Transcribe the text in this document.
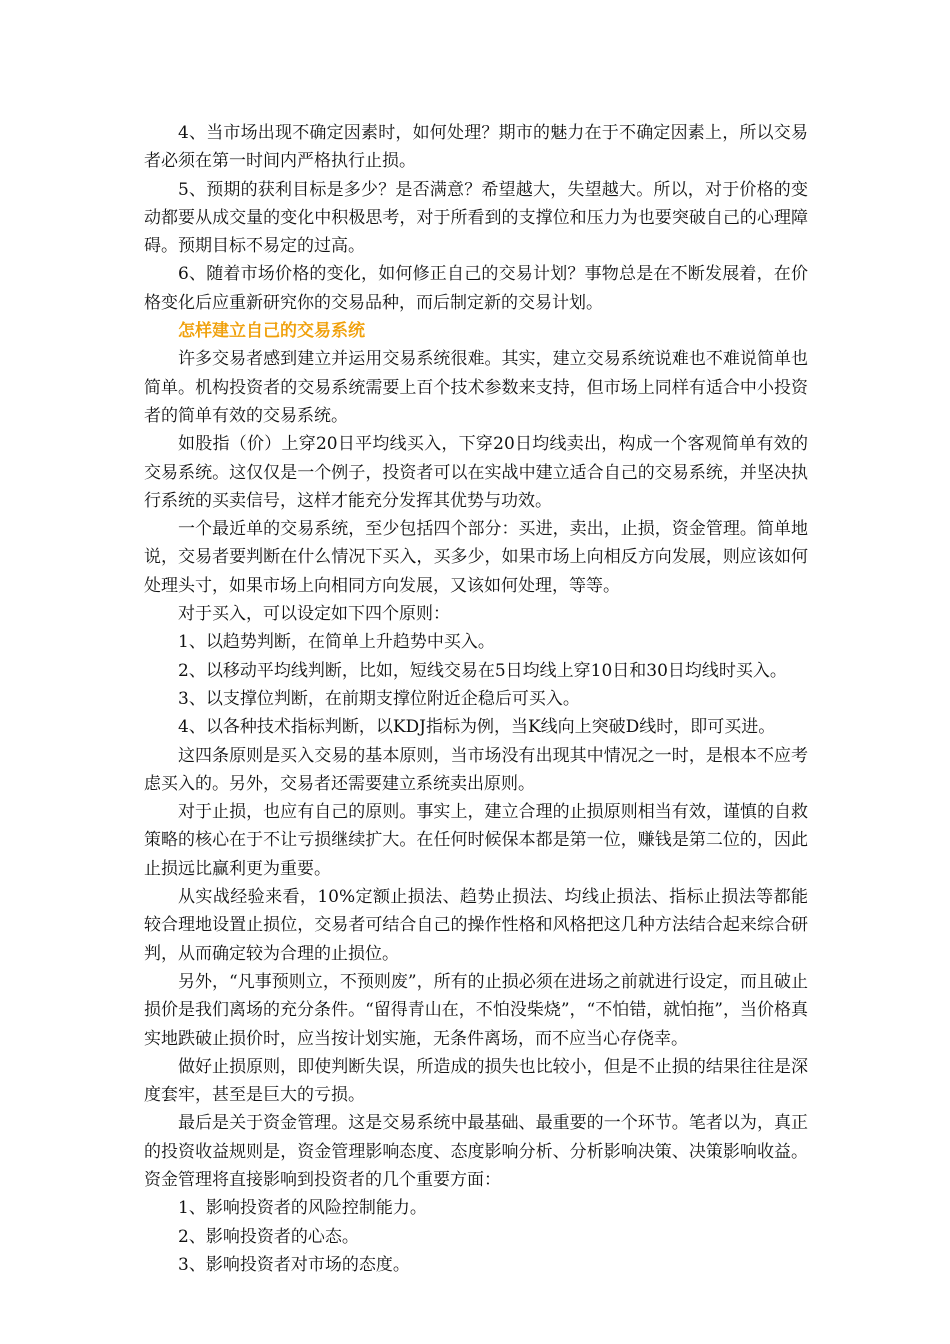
4、当市场出现不确定因素时，如何处理？期市的魅力在于不确定因素上，所以交易者必须在第一时间内严格执行止损。

5、预期的获利目标是多少？是否满意？希望越大，失望越大。所以，对于价格的变动都要从成交量的变化中积极思考，对于所看到的支撑位和压力为也要突破自己的心理障碍。预期目标不易定的过高。

6、随着市场价格的变化，如何修正自己的交易计划？事物总是在不断发展着，在价格变化后应重新研究你的交易品种，而后制定新的交易计划。

怎样建立自己的交易系统

许多交易者感到建立并运用交易系统很难。其实，建立交易系统说难也不难说简单也简单。机构投资者的交易系统需要上百个技术参数来支持，但市场上同样有适合中小投资者的简单有效的交易系统。

如股指（价）上穿20日平均线买入，下穿20日均线卖出，构成一个客观简单有效的交易系统。这仅仅是一个例子，投资者可以在实战中建立适合自己的交易系统，并坚决执行系统的买卖信号，这样才能充分发挥其优势与功效。

一个最近单的交易系统，至少包括四个部分：买进，卖出，止损，资金管理。简单地说，交易者要判断在什么情况下买入，买多少，如果市场上向相反方向发展，则应该如何处理头寸，如果市场上向相同方向发展，又该如何处理，等等。

对于买入，可以设定如下四个原则：

1、以趋势判断，在简单上升趋势中买入。

2、以移动平均线判断，比如，短线交易在5日均线上穿10日和30日均线时买入。

3、以支撑位判断，在前期支撑位附近企稳后可买入。

4、以各种技术指标判断，以KDJ指标为例，当K线向上突破D线时，即可买进。

这四条原则是买入交易的基本原则，当市场没有出现其中情况之一时，是根本不应考虑买入的。另外，交易者还需要建立系统卖出原则。

对于止损，也应有自己的原则。事实上，建立合理的止损原则相当有效，谨慎的自救策略的核心在于不让亏损继续扩大。在任何时候保本都是第一位，赚钱是第二位的，因此止损远比赢利更为重要。

从实战经验来看，10%定额止损法、趋势止损法、均线止损法、指标止损法等都能较合理地设置止损位，交易者可结合自己的操作性格和风格把这几种方法结合起来综合研判，从而确定较为合理的止损位。

另外，“凡事预则立，不预则废”，所有的止损必须在进场之前就进行设定，而且破止损价是我们离场的充分条件。“留得青山在，不怕没柴烧”，“不怕错，就怕拖”，当价格真实地跌破止损价时，应当按计划实施，无条件离场，而不应当心存侥幸。

做好止损原则，即使判断失误，所造成的损失也比较小，但是不止损的结果往往是深度套牢，甚至是巨大的亏损。

最后是关于资金管理。这是交易系统中最基础、最重要的一个环节。笔者以为，真正的投资收益规则是，资金管理影响态度、态度影响分析、分析影响决策、决策影响收益。资金管理将直接影响到投资者的几个重要方面：

1、影响投资者的风险控制能力。

2、影响投资者的心态。

3、影响投资者对市场的态度。
